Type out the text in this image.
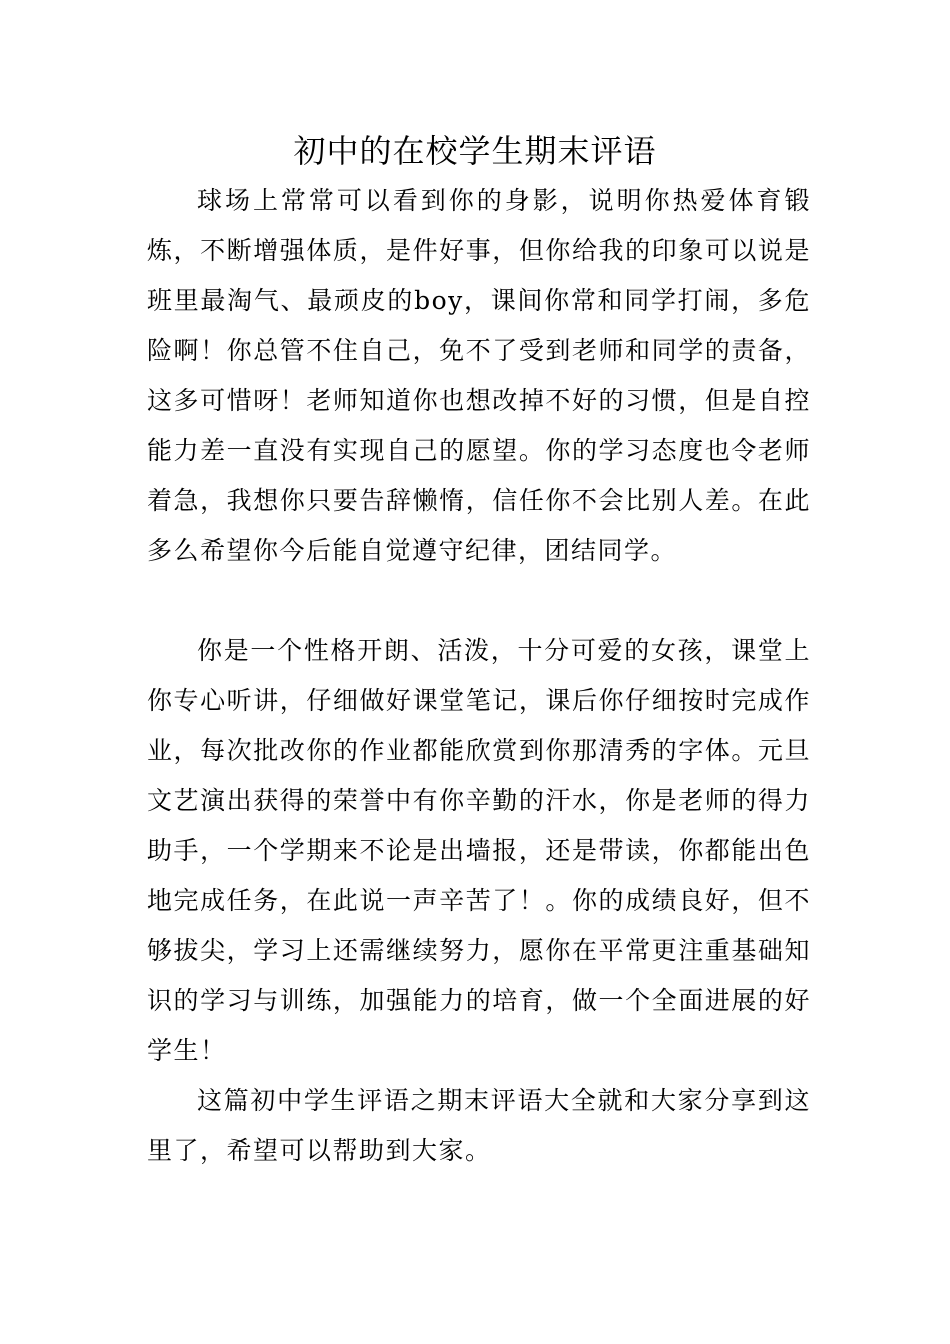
初中的在校学生期末评语

球场上常常可以看到你的身影，说明你热爱体育锻炼，不断增强体质，是件好事，但你给我的印象可以说是班里最淘气、最顽皮的boy，课间你常和同学打闹，多危险啊！你总管不住自己，免不了受到老师和同学的责备，这多可惜呀！老师知道你也想改掉不好的习惯，但是自控能力差一直没有实现自己的愿望。你的学习态度也令老师着急，我想你只要告辞懒惰，信任你不会比别人差。在此多么希望你今后能自觉遵守纪律，团结同学。

你是一个性格开朗、活泼，十分可爱的女孩，课堂上你专心听讲，仔细做好课堂笔记，课后你仔细按时完成作业，每次批改你的作业都能欣赏到你那清秀的字体。元旦文艺演出获得的荣誉中有你辛勤的汗水，你是老师的得力助手，一个学期来不论是出墙报，还是带读，你都能出色地完成任务，在此说一声辛苦了！。你的成绩良好，但不够拔尖，学习上还需继续努力，愿你在平常更注重基础知识的学习与训练，加强能力的培育，做一个全面进展的好学生！

这篇初中学生评语之期末评语大全就和大家分享到这里了，希望可以帮助到大家。
